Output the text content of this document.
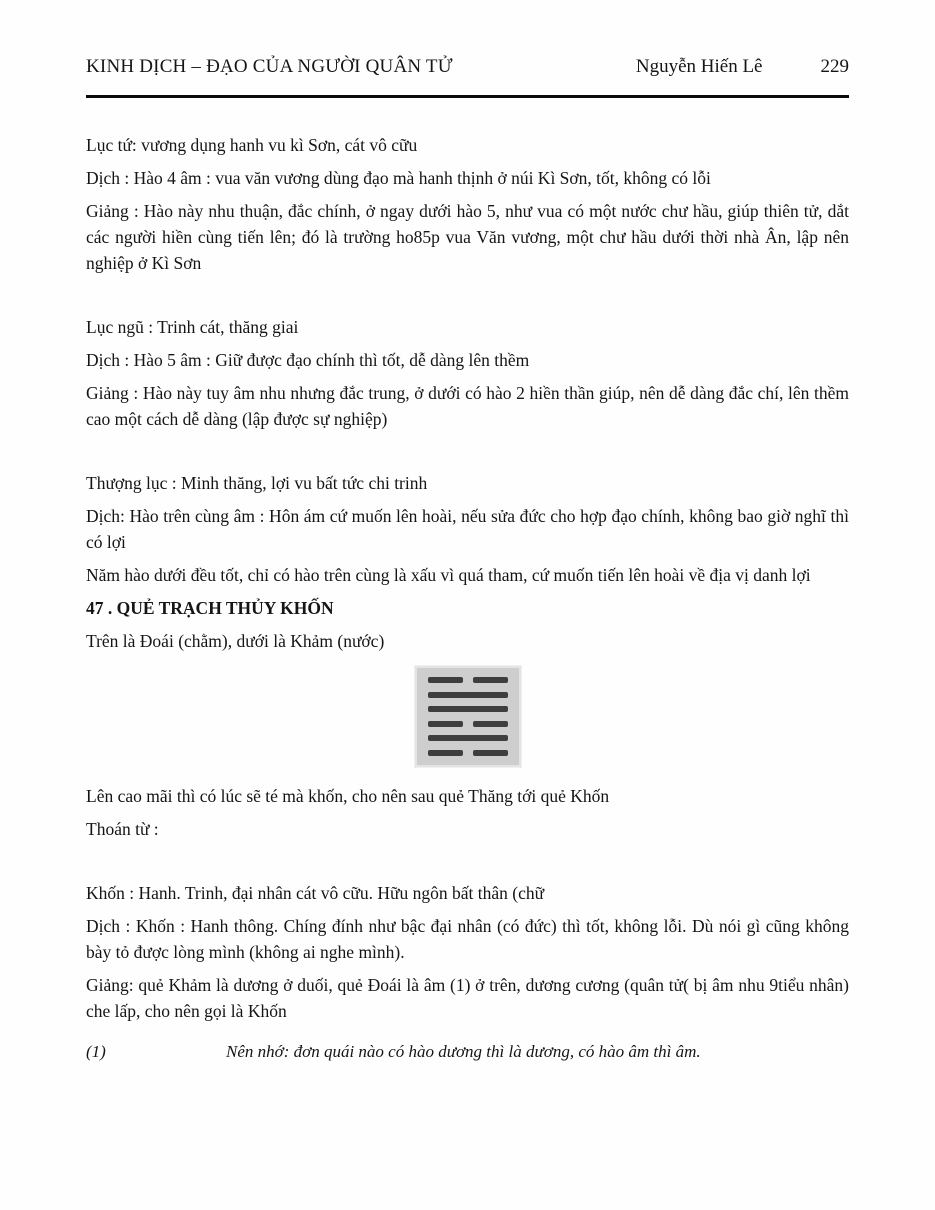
KINH DỊCH – ĐẠO CỦA NGƯỜI QUÂN TỬ	Nguyễn Hiến Lê	229

Lục tứ: vương dụng hanh vu kì Sơn, cát vô cữu

Dịch : Hào 4 âm : vua văn vương dùng đạo mà hanh thịnh ở núi Kì Sơn, tốt, không có lỗi

Giảng : Hào này nhu thuận, đắc chính, ở ngay dưới hào 5, như vua có một nước chư hầu, giúp thiên tử, dắt các người hiền cùng tiến lên; đó là trường ho85p vua Văn vương, một chư hầu dưới thời nhà Ân, lập nên nghiệp ở Kì Sơn

Lục ngũ : Trinh cát, thăng giai

Dịch : Hào 5 âm : Giữ được đạo chính thì tốt, dễ dàng lên thềm

Giảng : Hào này tuy âm nhu nhưng đắc trung, ở dưới có hào 2 hiền thần giúp, nên dễ dàng đắc chí, lên thềm cao một cách dễ dàng (lập được sự nghiệp)

Thượng lục : Minh thăng, lợi vu bất tức chi trinh

Dịch: Hào trên cùng âm : Hôn ám cứ muốn lên hoài, nếu sửa đức cho hợp đạo chính, không bao giờ nghĩ thì có lợi

Năm hào dưới đều tốt, chỉ có hào trên cùng là xấu vì quá tham, cứ muốn tiến lên hoài về địa vị danh lợi

47 . QUẺ TRẠCH THỦY KHỐN

Trên là Đoái (chằm), dưới là Khảm (nước)

Lên cao mãi thì có lúc sẽ té mà khốn, cho nên sau quẻ Thăng tới quẻ Khốn

Thoán từ :

Khốn : Hanh. Trinh, đại nhân cát vô cữu. Hữu ngôn bất thân (chữ

Dịch : Khốn : Hanh thông. Chíng đính như bậc đại nhân (có đức) thì tốt, không lỗi. Dù nói gì cũng không bày tỏ được lòng mình (không ai nghe mình).

Giảng: quẻ Khảm là dương ở duối, quẻ Đoái là âm (1) ở trên, dương cương (quân tử( bị âm nhu 9tiểu nhân) che lấp, cho nên gọi là Khốn

(1)	Nên nhớ: đơn quái nào có hào dương thì là dương, có hào âm thì âm.
